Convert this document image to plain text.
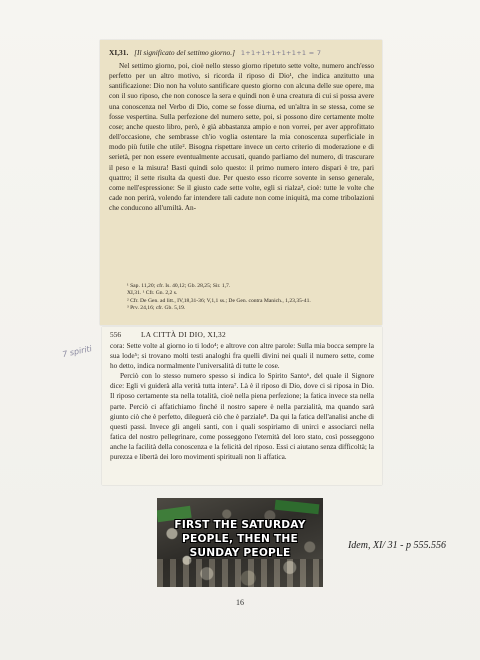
XI,31. [Il significato del settimo giorno.] 1+1+1+1+1+1+1 = 7

Nel settimo giorno, poi, cioè nello stesso giorno ripetuto sette volte, numero anch'esso perfetto per un altro motivo, si ricorda il riposo di Dio¹, che indica anzitutto una santificazione: Dio non ha voluto santificare questo giorno con alcuna delle sue opere, ma con il suo riposo, che non conosce la sera e quindi non è una creatura di cui si possa avere una conoscenza nel Verbo di Dio, come se fosse diurna, ed un'altra in se stessa, come se fosse vespertina. Sulla perfezione del numero sette, poi, si possono dire certamente molte cose; anche questo libro, però, è già abbastanza ampio e non vorrei, per aver approfittato dell'occasione, che sembrasse ch'io voglia ostentare la mia conoscenza superficiale in modo più futile che utile². Bisogna rispettare invece un certo criterio di moderazione e di serietà, per non essere eventualmente accusati, quando parliamo del numero, di trascurare il peso e la misura! Basti quindi solo questo: il primo numero intero dispari è tre, pari quattro; il sette risulta da questi due. Per questo esso ricorre sovente in senso generale, come nell'espressione: Se il giusto cade sette volte, egli si rialza³, cioè: tutte le volte che cade non perirà, volendo far intendere tali cadute non come iniquità, ma come tribolazioni che conducono all'umiltà. An-

¹ Sap. 11,20; cfr. Is. 40,12; Gb. 28,25; Sir. 1,7.
XI,31. ¹ Cfr. Gn. 2,2 s.
² Cfr. De Gen. ad litt., IV,18,31-36; V,1,1 ss.; De Gen. contra Manich., 1,23,35-41.
³ Prv. 24,16; cfr. Gb. 5,19.
7 spiriti
556	LA CITTÀ DI DIO, XI,32

cora: Sette volte al giorno io ti lodo⁴; e altrove con altre parole: Sulla mia bocca sempre la sua lode⁵; si trovano molti testi analoghi fra quelli divini nei quali il numero sette, come ho detto, indica normalmente l'universalità di tutte le cose.

Perciò con lo stesso numero spesso si indica lo Spirito Santo⁶, del quale il Signore dice: Egli vi guiderà alla verità tutta intera⁷. Là è il riposo di Dio, dove ci si riposa in Dio. Il riposo certamente sta nella totalità, cioè nella piena perfezione; la fatica invece sta nella parte. Perciò ci affatichiamo finché il nostro sapere è nella parzialità, ma quando sarà giunto ciò che è perfetto, dileguerà ciò che è parziale⁸. Da qui la fatica dell'analisi anche di questi passi. Invece gli angeli santi, con i quali sospiriamo di unirci e associarci nella fatica del nostro pellegrinare, come posseggono l'eternità del loro stato, così posseggono anche la facilità della conoscenza e la felicità del riposo. Essi ci aiutano senza difficoltà; la purezza e libertà dei loro movimenti spirituali non li affatica.

Idem, XI/ 31 - p 555.556
FIRST THE SATURDAY
PEOPLE, THEN THE
SUNDAY PEOPLE
16
